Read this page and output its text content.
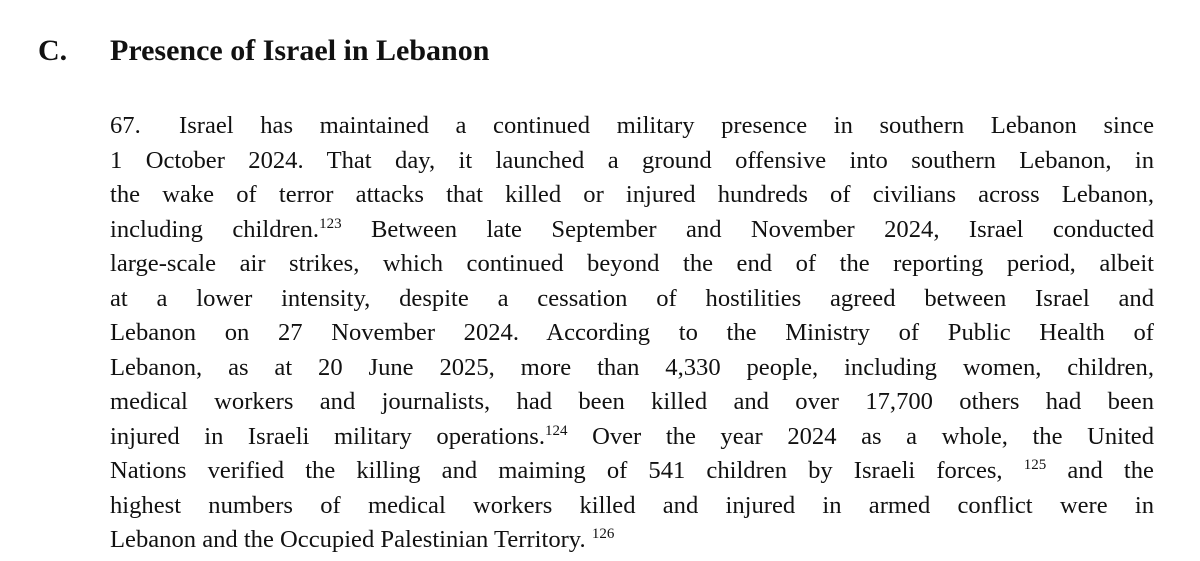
C. Presence of Israel in Lebanon
67. Israel has maintained a continued military presence in southern Lebanon since
1 October 2024. That day, it launched a ground offensive into southern Lebanon, in
the wake of terror attacks that killed or injured hundreds of civilians across Lebanon,
including children.$^{123}$ Between late September and November 2024, Israel conducted
large-scale air strikes, which continued beyond the end of the reporting period, albeit
at a lower intensity, despite a cessation of hostilities agreed between Israel and
Lebanon on 27 November 2024. According to the Ministry of Public Health of
Lebanon, as at 20 June 2025, more than 4,330 people, including women, children,
medical workers and journalists, had been killed and over 17,700 others had been
injured in Israeli military operations.$^{124}$ Over the year 2024 as a whole, the United
Nations verified the killing and maiming of 541 children by Israeli forces, $^{125}$ and the
highest numbers of medical workers killed and injured in armed conflict were in
Lebanon and the Occupied Palestinian Territory. $^{126}$
